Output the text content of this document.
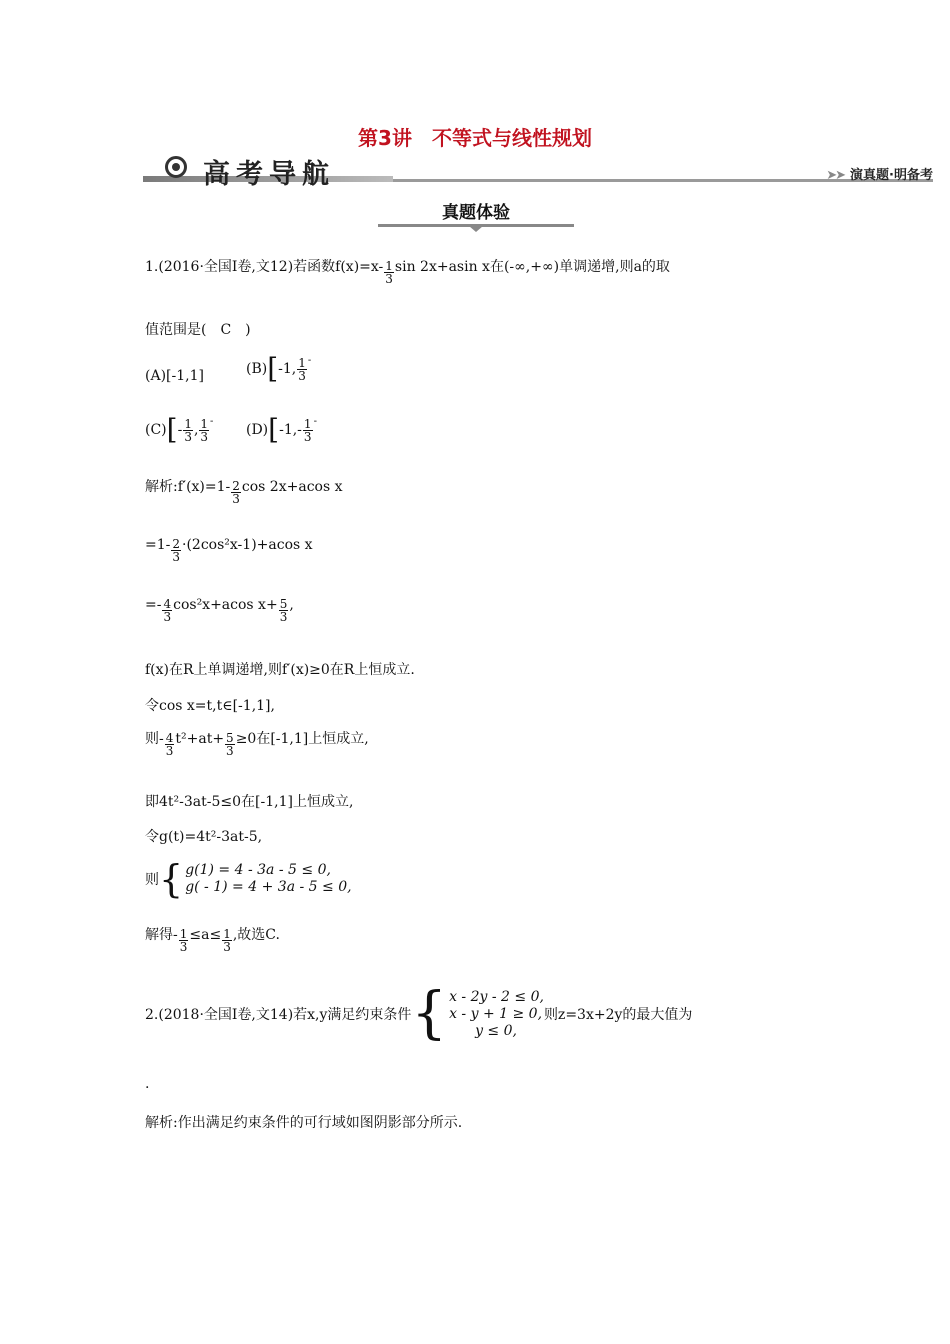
第3讲　不等式与线性规划
高考导航	➤➤ 演真题·明备考
真题体验
1.(2016·全国Ⅰ卷,文12)若函数$f(x)=x- \frac{1}{3}$ sin 2x+asin x在(-∞,+∞)单调递增,则a的取
值范围是(　C　)
(A)[-1,1]	(B)[-1, $\frac{1}{3} ^-$
$(C)[- \frac{1}{3}$ , $\frac{1}{3} ^-$
$(D)[-1,- \frac{1}{3} ^-$
解析:f′(x)=1- $\frac{2}{3}$ cos 2x+acos x
$=1- \frac{2}{3} \cdot(2\cos^2x-1)+acos$ x
=- $\frac{4}{3} \cos^2x+acos$ $x+ \frac{5}{3}$ ,
f(x)在R上单调递增,则f′(x)≥0在R上恒成立.
令cos x=t,t∈[-1,1],
则- $\frac{4}{3} t^2+at+ \frac{5}{3} \ge 0$在[-1,1]上恒成立,
即4t²-3at-5≤0在[-1,1]上恒成立,
令g(t)=4t²-3at-5,
则 { g(1) = 4 - 3a - 5 ≤ 0,
g( - 1) = 4 + 3a - 5 ≤ 0,
解得- $\frac{1}{3} \le a\le \frac{1}{3}$ ,故选C.
2.(2018·全国Ⅰ卷,文14)若x,y满足约束条件 { x - 2y - 2 ≤ 0,
x - y + 1 ≥ 0,
y ≤ 0,
则z=3x+2y的最大值为
.
解析:作出满足约束条件的可行域如图阴影部分所示.
